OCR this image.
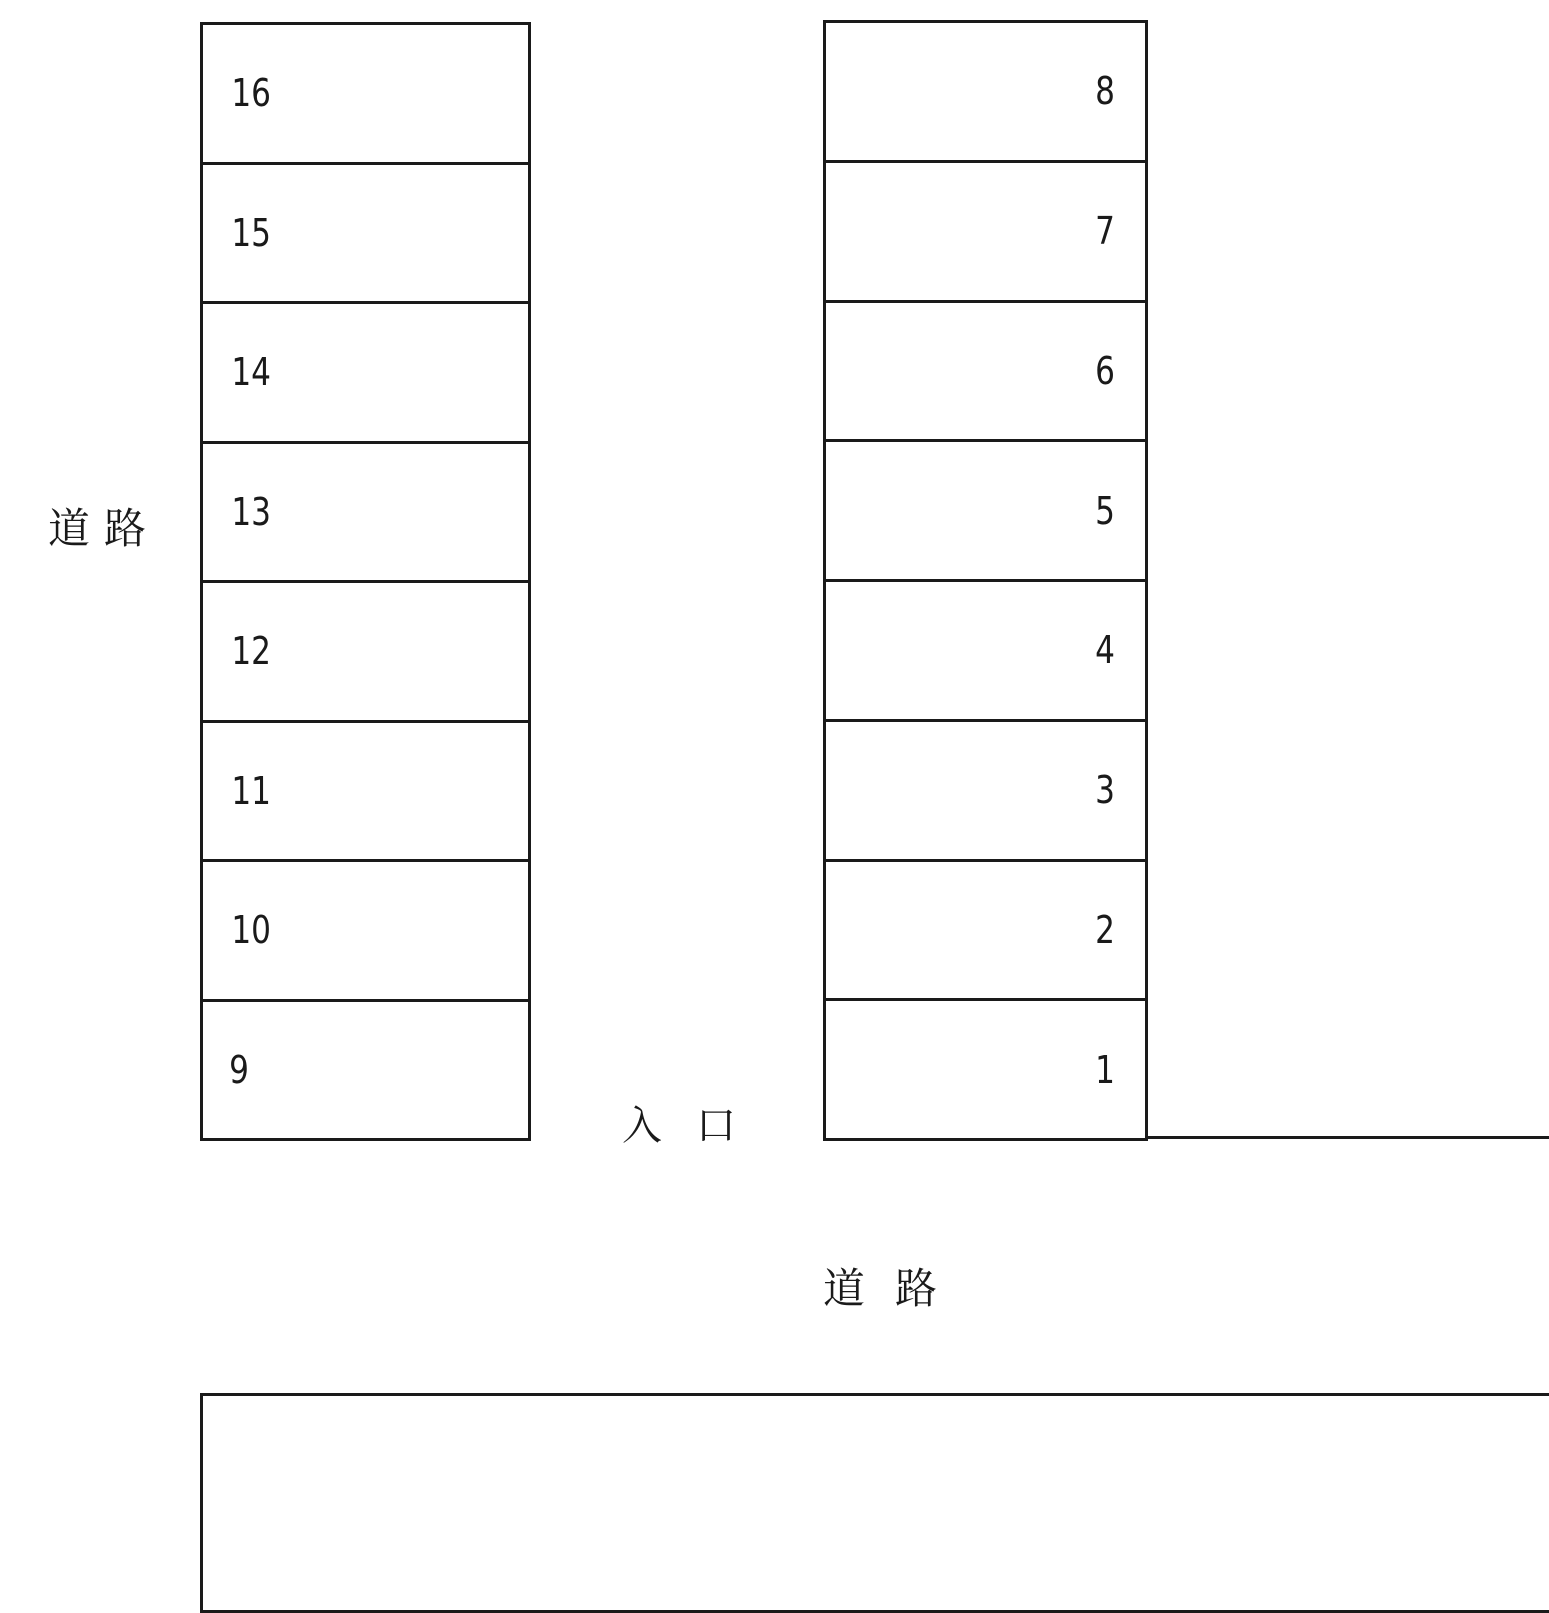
16
15
14
13
12
11
10
9
8
7
6
5
4
3
2
1
道路
入口
道路
